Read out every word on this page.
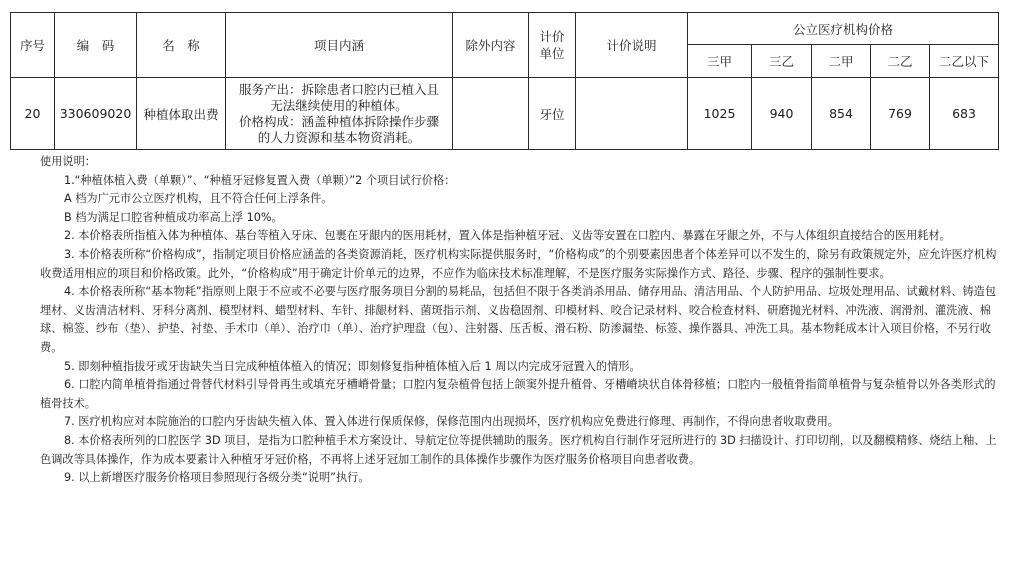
序号	编　码	名　称	项目内涵	除外内容	计价单位	计价说明	公立医疗机构价格				
							三甲	三乙	二甲	二乙	二乙以下
20	330609020	种植体取出费	服务产出：拆除患者口腔内已植入且
无法继续使用的种植体。
价格构成：涵盖种植体拆除操作步骤
的人力资源和基本物资消耗。		牙位		1025	940	854	769	683

使用说明：

1.“种植体植入费（单颗）”、“种植牙冠修复置入费（单颗）”2 个项目试行价格：

A 档为广元市公立医疗机构，且不符合任何上浮条件。

B 档为满足口腔省种植成功率高上浮 10%。

2. 本价格表所指植入体为种植体、基台等植入牙床、包裹在牙龈内的医用耗材，置入体是指种植牙冠、义齿等安置在口腔内、暴露在牙龈之外，不与人体组织直接结合的医用耗材。

3. 本价格表所称“价格构成”，指制定项目价格应涵盖的各类资源消耗，医疗机构实际提供服务时，“价格构成”的个别要素因患者个体差异可以不发生的，除另有政策规定外，应允许医疗机构收费适用相应的项目和价格政策。此外，“价格构成”用于确定计价单元的边界，不应作为临床技术标准理解，不是医疗服务实际操作方式、路径、步骤、程序的强制性要求。

4. 本价格表所称“基本物耗”指原则上限于不应或不必要与医疗服务项目分割的易耗品，包括但不限于各类消杀用品、储存用品、清洁用品、个人防护用品、垃圾处理用品、试戴材料、铸造包埋材、义齿清洁材料、牙科分离剂、模型材料、蜡型材料、车针、排龈材料、菌斑指示剂、义齿稳固剂、印模材料、咬合记录材料、咬合检查材料、研磨抛光材料、冲洗液、润滑剂、灌洗液、棉球、棉签、纱布（垫）、护垫、衬垫、手术巾（单）、治疗巾（单）、治疗护理盘（包）、注射器、压舌板、滑石粉、防渗漏垫、标签、操作器具、冲洗工具。基本物耗成本计入项目价格，不另行收费。

5. 即刻种植指拔牙或牙齿缺失当日完成种植体植入的情况；即刻修复指种植体植入后 1 周以内完成牙冠置入的情形。

6. 口腔内简单植骨指通过骨替代材料引导骨再生或填充牙槽嵴骨量；口腔内复杂植骨包括上颌窦外提升植骨、牙槽嵴块状自体骨移植；口腔内一般植骨指简单植骨与复杂植骨以外各类形式的植骨技术。

7. 医疗机构应对本院施治的口腔内牙齿缺失植入体、置入体进行保质保修，保修范围内出现损坏，医疗机构应免费进行修理、再制作，不得向患者收取费用。

8. 本价格表所列的口腔医学 3D 项目，是指为口腔种植手术方案设计、导航定位等提供辅助的服务。医疗机构自行制作牙冠所进行的 3D 扫描设计、打印切削，以及翻模精修、烧结上釉、上色调改等具体操作，作为成本要素计入种植牙牙冠价格，不再将上述牙冠加工制作的具体操作步骤作为医疗服务价格项目向患者收费。

9. 以上新增医疗服务价格项目参照现行各级分类“说明”执行。
